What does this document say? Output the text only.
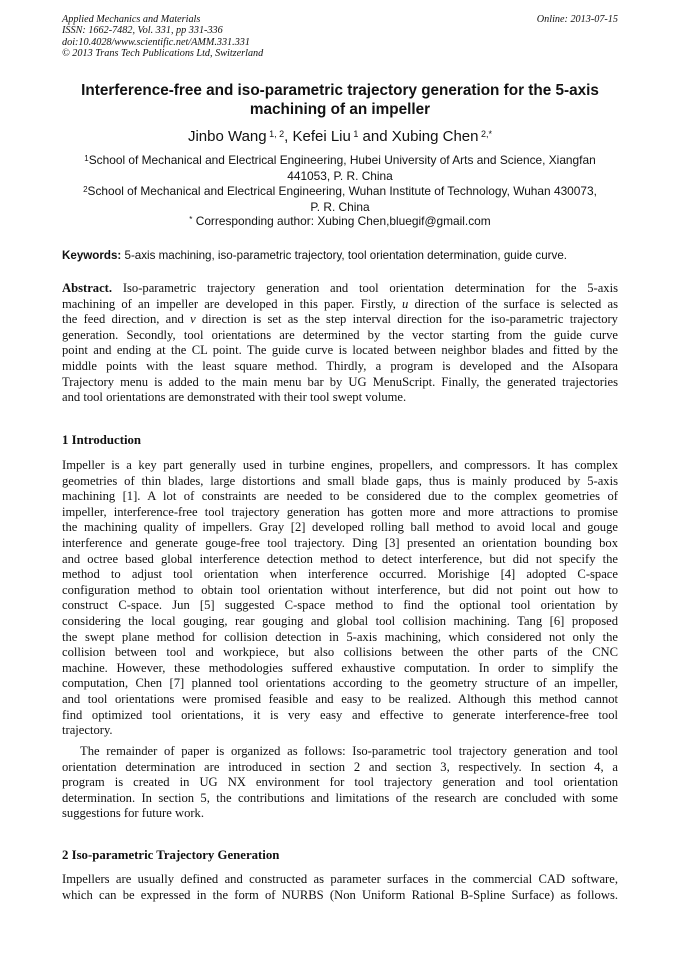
Applied Mechanics and Materials
ISSN: 1662-7482, Vol. 331, pp 331-336
doi:10.4028/www.scientific.net/AMM.331.331
© 2013 Trans Tech Publications Ltd, Switzerland
Online: 2013-07-15
Interference-free and iso-parametric trajectory generation for the 5-axis
machining of an impeller
Jinbo Wang $^{1, 2}$, Kefei Liu $^1$ and Xubing Chen $^{2,*}$
$^1$School of Mechanical and Electrical Engineering, Hubei University of Arts and Science, Xiangfan
441053, P. R. China
$^2$School of Mechanical and Electrical Engineering, Wuhan Institute of Technology, Wuhan 430073,
P. R. China
* Corresponding author: Xubing Chen,bluegif@gmail.com
Keywords: 5-axis machining, iso-parametric trajectory, tool orientation determination, guide curve.
Abstract. Iso-parametric trajectory generation and tool orientation determination for the 5-axis
machining of an impeller are developed in this paper. Firstly, u direction of the surface is selected as
the feed direction, and v direction is set as the step interval direction for the iso-parametric trajectory
generation. Secondly, tool orientations are determined by the vector starting from the guide curve
point and ending at the CL point. The guide curve is located between neighbor blades and fitted by the
middle points with the least square method. Thirdly, a program is developed and the AIsopara
Trajectory menu is added to the main menu bar by UG MenuScript. Finally, the generated trajectories
and tool orientations are demonstrated with their tool swept volume.
1 Introduction
Impeller is a key part generally used in turbine engines, propellers, and compressors. It has complex
geometries of thin blades, large distortions and small blade gaps, thus is mainly produced by 5-axis
machining [1]. A lot of constraints are needed to be considered due to the complex geometries of
impeller, interference-free tool trajectory generation has gotten more and more attractions to promise
the machining quality of impellers. Gray [2] developed rolling ball method to avoid local and gouge
interference and generate gouge-free tool trajectory. Ding [3] presented an orientation bounding box
and octree based global interference detection method to detect interference, but did not specify the
method to adjust tool orientation when interference occurred. Morishige [4] adopted C-space
configuration method to obtain tool orientation without interference, but did not point out how to
construct C-space. Jun [5] suggested C-space method to find the optional tool orientation by
considering the local gouging, rear gouging and global tool collision machining. Tang [6] proposed
the swept plane method for collision detection in 5-axis machining, which considered not only the
collision between tool and workpiece, but also collisions between the other parts of the CNC
machine. However, these methodologies suffered exhaustive computation. In order to simplify the
computation, Chen [7] planned tool orientations according to the geometry structure of an impeller,
and tool orientations were promised feasible and easy to be realized. Although this method cannot
find optimized tool orientations, it is very easy and effective to generate interference-free tool
trajectory.
The remainder of paper is organized as follows: Iso-parametric tool trajectory generation and tool
orientation determination are introduced in section 2 and section 3, respectively. In section 4, a
program is created in UG NX environment for tool trajectory generation and tool orientation
determination. In section 5, the contributions and limitations of the research are concluded with some
suggestions for future work.
2 Iso-parametric Trajectory Generation
Impellers are usually defined and constructed as parameter surfaces in the commercial CAD software,
which can be expressed in the form of NURBS (Non Uniform Rational B-Spline Surface) as follows.
